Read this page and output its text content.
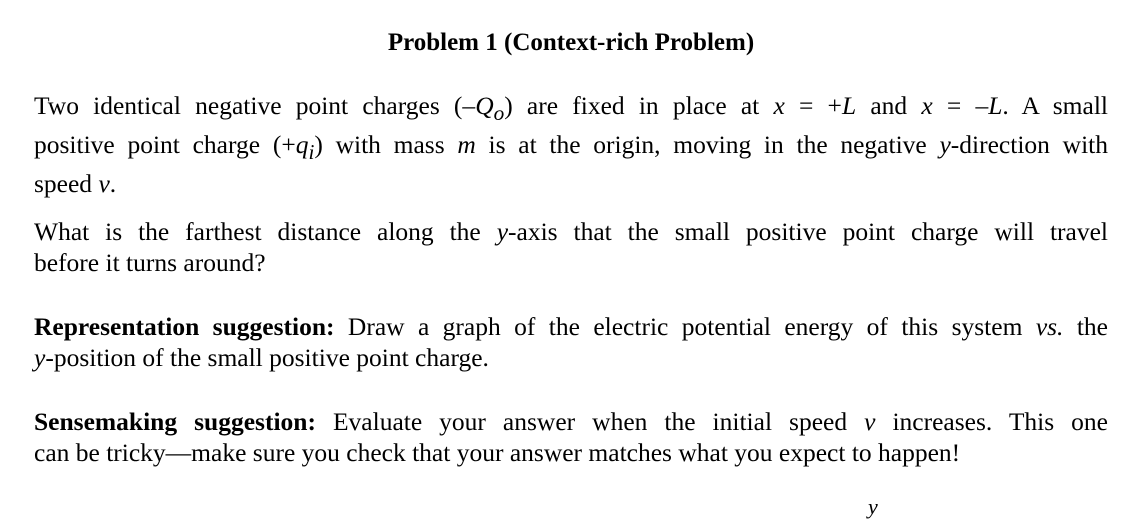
Problem 1 (Context-rich Problem)
Two identical negative point charges $(-Q_o)$ are fixed in place at x = +L and x = –L. A small
positive point charge $(+q_i)$ with mass m is at the origin, moving in the negative y-direction with
speed v.
What is the farthest distance along the y-axis that the small positive point charge will travel
before it turns around?
Representation suggestion: Draw a graph of the electric potential energy of this system vs. the
y-position of the small positive point charge.
Sensemaking suggestion: Evaluate your answer when the initial speed v increases. This one
can be tricky—make sure you check that your answer matches what you expect to happen!
y
